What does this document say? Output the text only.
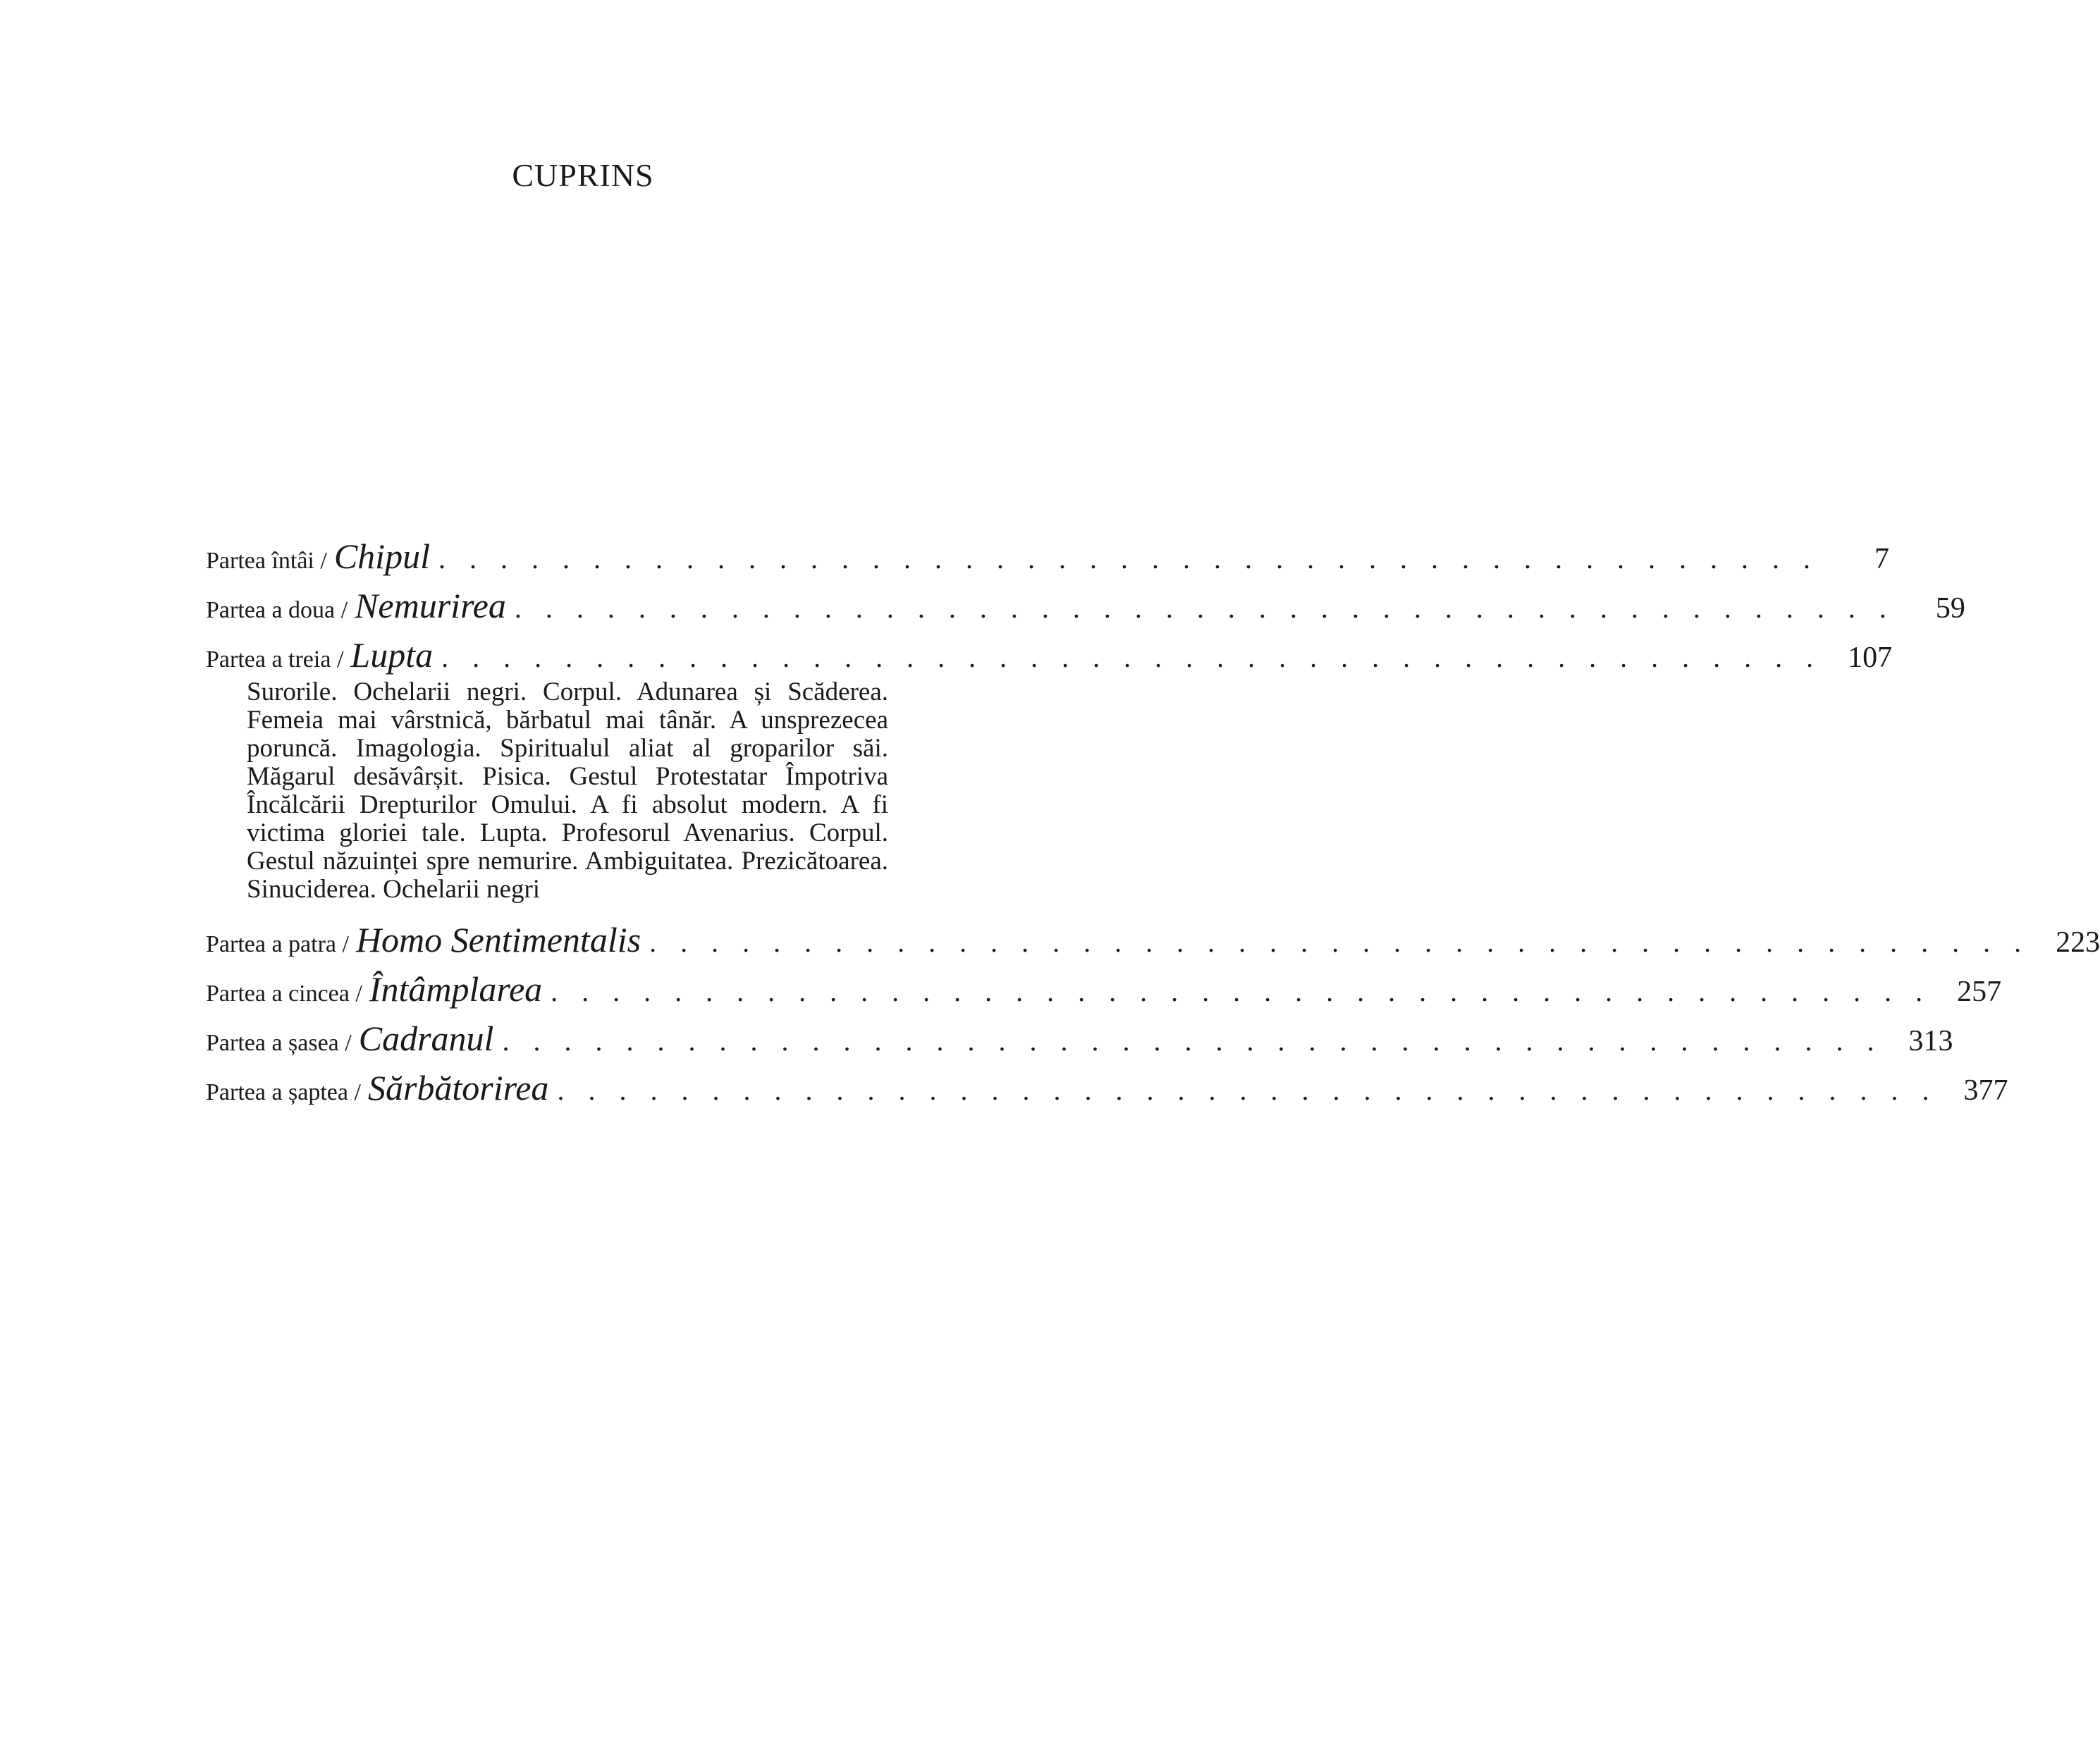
CUPRINS
Partea întâi / Chipul . . . . . . . . . . . . . . . . . . . . . . . . . . . . . . . . . . . . . . . . . . . . .	7
Partea a doua / Nemurirea . . . . . . . . . . . . . . . . . . . . . . . . . . . . . . . . . . . . . . . . . . . . .	59
Partea a treia / Lupta . . . . . . . . . . . . . . . . . . . . . . . . . . . . . . . . . . . . . . . . . . . . . 107
Surorile. Ochelarii negri. Corpul. Adunarea și Scăderea. Femeia mai vârstnică, bărbatul mai tânăr. A unsprezecea poruncă. Imagologia. Spiritualul aliat al groparilor săi. Măgarul desăvârșit. Pisica. Gestul Protestatar Împotriva Încălcării Drepturilor Omului. A fi absolut modern. A fi victima gloriei tale. Lupta. Profesorul Avenarius. Corpul. Gestul năzuinței spre nemurire. Ambiguitatea. Prezicătoarea. Sinuciderea. Ochelarii negri
Partea a patra / Homo Sentimentalis . . . . . . . . . . . . . . . . . . . . . . . . . . . . . . . . . . . . . . . . . . . . . 223
Partea a cincea / Întâmplarea . . . . . . . . . . . . . . . . . . . . . . . . . . . . . . . . . . . . . . . . . . . . . 257
Partea a șasea / Cadranul . . . . . . . . . . . . . . . . . . . . . . . . . . . . . . . . . . . . . . . . . . . . . 313
Partea a șaptea / Sărbătorirea . . . . . . . . . . . . . . . . . . . . . . . . . . . . . . . . . . . . . . . . . . . . . 377
